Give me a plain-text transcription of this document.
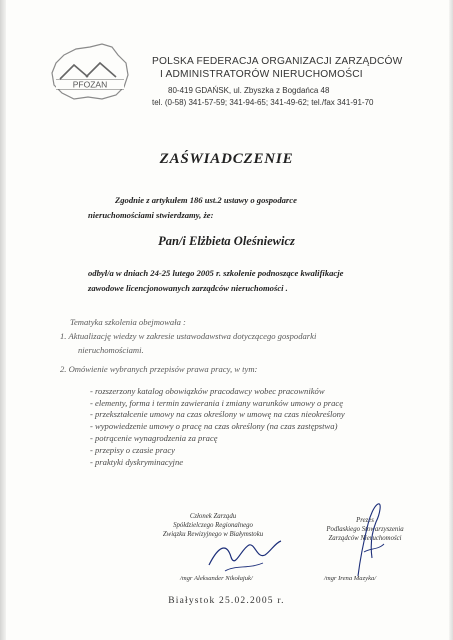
PFOZAN
POLSKA FEDERACJA ORGANIZACJI ZARZĄDCÓW
I ADMINISTRATORÓW NIERUCHOMOŚCI
80-419 GDAŃSK, ul. Zbyszka z Bogdańca 48
tel. (0-58) 341-57-59; 341-94-65; 341-49-62; tel./fax 341-91-70
ZAŚWIADCZENIE
Zgodnie z artykułem 186 ust.2 ustawy o gospodarce
nieruchomościami stwierdzamy, że:
Pan/i Elżbieta Oleśniewicz
odbył/a w dniach 24-25 lutego 2005 r. szkolenie podnoszące kwalifikacje
zawodowe licencjonowanych zarządców nieruchomości .
Tematyka szkolenia obejmowała :
1. Aktualizację wiedzy w zakresie ustawodawstwa dotyczącego gospodarki
nieruchomościami.
2. Omówienie wybranych przepisów prawa pracy, w tym:
- rozszerzony katalog obowiązków pracodawcy wobec pracowników
- elementy, forma i termin zawierania i zmiany warunków umowy o pracę
- przekształcenie umowy na czas określony w umowę na czas nieokreślony
- wypowiedzenie umowy o pracę na czas określony (na czas zastępstwa)
- potrącenie wynagrodzenia za pracę
- przepisy o czasie pracy
- praktyki dyskryminacyjne
Członek Zarządu
Spółdzielczego Regionalnego
Związku Rewizyjnego w Białymstoku
/mgr Aleksander Nikołajuk/
Prezes
Podlaskiego Stowarzyszenia
Zarządców Nieruchomości
/mgr Irena Mazyka/
Białystok 25.02.2005 r.
